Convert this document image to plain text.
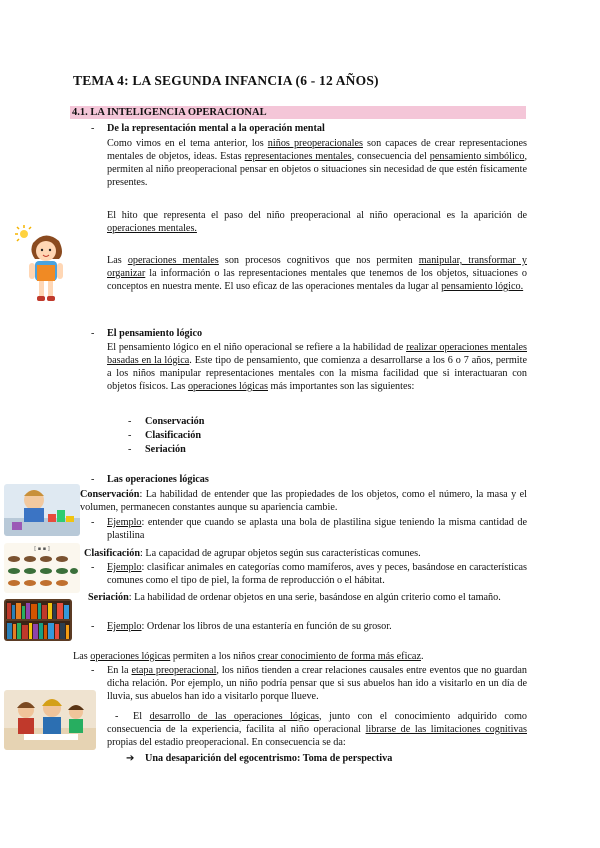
TEMA 4: LA SEGUNDA INFANCIA (6 - 12 AÑOS)
4.1. LA INTELIGENCIA OPERACIONAL
- De la representación mental a la operación mental
Como vimos en el tema anterior, los niños preoperacionales son capaces de crear representaciones mentales de objetos, ideas. Estas representaciones mentales, consecuencia del pensamiento simbólico, permiten al niño preoperacional pensar en objetos o situaciones sin necesidad de que estén físicamente presentes.
El hito que representa el paso del niño preoperacional al niño operacional es la aparición de operaciones mentales.
Las operaciones mentales son procesos cognitivos que nos permiten manipular, transformar y organizar la información o las representaciones mentales que tenemos de los objetos, situaciones o conceptos en nuestra mente. El uso eficaz de las operaciones mentales da lugar al pensamiento lógico.
- El pensamiento lógico
El pensamiento lógico en el niño operacional se refiere a la habilidad de realizar operaciones mentales basadas en la lógica. Este tipo de pensamiento, que comienza a desarrollarse a los 6 o 7 años, permite a los niños manipular representaciones mentales con la misma facilidad que si interactuaran con objetos físicos. Las operaciones lógicas más importantes son las siguientes:
- Conservación
- Clasificación
- Seriación
- Las operaciones lógicas
Conservación: La habilidad de entender que las propiedades de los objetos, como el número, la masa y el volumen, permanecen constantes aunque su apariencia cambie.
- Ejemplo: entender que cuando se aplasta una bola de plastilina sigue teniendo la misma cantidad de plastilina
[ ▪ ▪ ]	Clasificación: La capacidad de agrupar objetos según sus características comunes.
- Ejemplo: clasificar animales en categorías como mamíferos, aves y peces, basándose en características comunes como el tipo de piel, la forma de reproducción o el hábitat.
Seriación: La habilidad de ordenar objetos en una serie, basándose en algún criterio como el tamaño.
- Ejemplo: Ordenar los libros de una estantería en función de su grosor.
Las operaciones lógicas permiten a los niños crear conocimiento de forma más eficaz.
- En la etapa preoperacional, los niños tienden a crear relaciones causales entre eventos que no guardan dicha relación. Por ejemplo, un niño podría pensar que si sus abuelos han ido a visitarlo en un día de lluvia, sus abuelos han ido a visitarlo porque llueve.
-	El desarrollo de las operaciones lógicas, junto con el conocimiento adquirido como consecuencia de la experiencia, facilita al niño operacional librarse de las limitaciones cognitivas propias del estadio preoperacional. En consecuencia se da:
➔ Una desaparición del egocentrismo: Toma de perspectiva
